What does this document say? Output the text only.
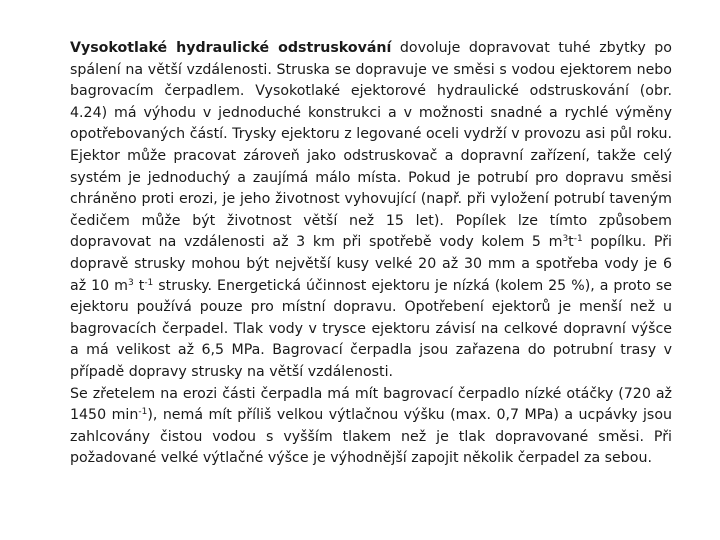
Vysokotlaké hydraulické odstruskování dovoluje dopravovat tuhé zbytky po spálení na větší vzdálenosti. Struska se dopravuje ve směsi s vodou ejektorem nebo bagrovacím čerpadlem. Vysokotlaké ejektorové hydraulické odstruskování (obr. 4.24) má výhodu v jednoduché konstrukci a v možnosti snadné a rychlé výměny opotřebovaných částí. Trysky ejektoru z legované oceli vydrží v provozu asi půl roku. Ejektor může pracovat zároveň jako odstruskovač a dopravní zařízení, takže celý systém je jednoduchý a zaujímá málo místa. Pokud je potrubí pro dopravu směsi chráněno proti erozi, je jeho životnost vyhovující (např. při vyložení potrubí taveným čedičem může být životnost větší než 15 let). Popílek lze tímto způsobem dopravovat na vzdálenosti až 3 km při spotřebě vody kolem 5 $m^3t^{-1}$ popílku. Při dopravě strusky mohou být největší kusy velké 20 až 30 mm a spotřeba vody je 6 až 10 $m^3$ $t^{-1}$ strusky. Energetická účinnost ejektoru je nízká (kolem 25 %), a proto se ejektoru používá pouze pro místní dopravu. Opotřebení ejektorů je menší než u bagrovacích čerpadel. Tlak vody v trysce ejektoru závisí na celkové dopravní výšce a má velikost až 6,5 MPa. Bagrovací čerpadla jsou zařazena do potrubní trasy v případě dopravy strusky na větší vzdálenosti.

Se zřetelem na erozi části čerpadla má mít bagrovací čerpadlo nízké otáčky (720 až 1450 $\min^{-1}$), nemá mít příliš velkou výtlačnou výšku (max. 0,7 MPa) a ucpávky jsou zahlcovány čistou vodou s vyšším tlakem než je tlak dopravované směsi. Při požadované velké výtlačné výšce je výhodnější zapojit několik čerpadel za sebou.
